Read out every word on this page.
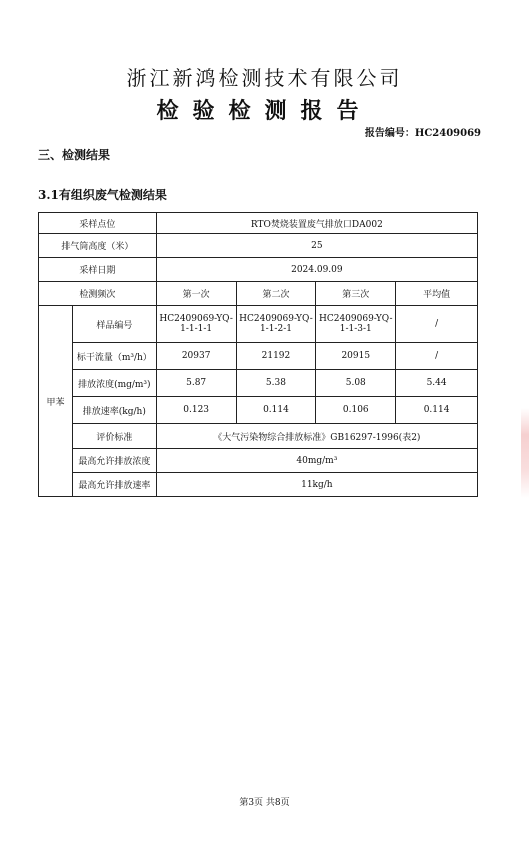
浙江新鸿检测技术有限公司
检验检测报告
报告编号：HC2409069
三、检测结果
3.1有组织废气检测结果
采样点位		RTO焚烧装置废气排放口DA002			
排气筒高度（米）		25			
采样日期		2024.09.09			
检测频次		第一次	第二次	第三次	平均值
甲苯	样品编号	HC2409069-YQ-1-1-1-1	HC2409069-YQ-1-1-2-1	HC2409069-YQ-1-1-3-1	/
	标干流量（m³/h）	20937	21192	20915	/
	排放浓度(mg/m³)	5.87	5.38	5.08	5.44
	排放速率(kg/h)	0.123	0.114	0.106	0.114
	评价标准	《大气污染物综合排放标准》GB16297-1996(表2)			
	最高允许排放浓度	40mg/m³			
	最高允许排放速率	11kg/h			
第3页 共8页
